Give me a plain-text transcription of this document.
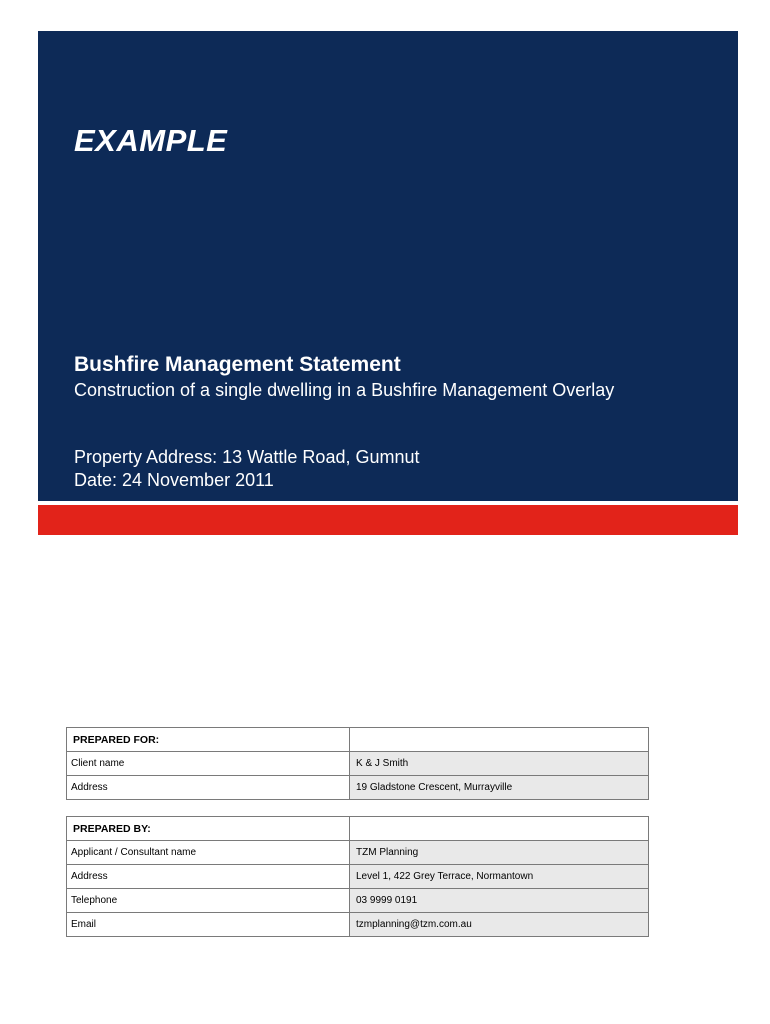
EXAMPLE
Bushfire Management Statement

Construction of a single dwelling in a Bushfire Management Overlay

Property Address: 13 Wattle Road, Gumnut

Date: 24 November 2011

PREPARED FOR:	
Client name	K & J Smith
Address	19 Gladstone Crescent, Murrayville
PREPARED BY:	
Applicant / Consultant name	TZM Planning
Address	Level 1, 422 Grey Terrace, Normantown
Telephone	03 9999 0191
Email	tzmplanning@tzm.com.au
